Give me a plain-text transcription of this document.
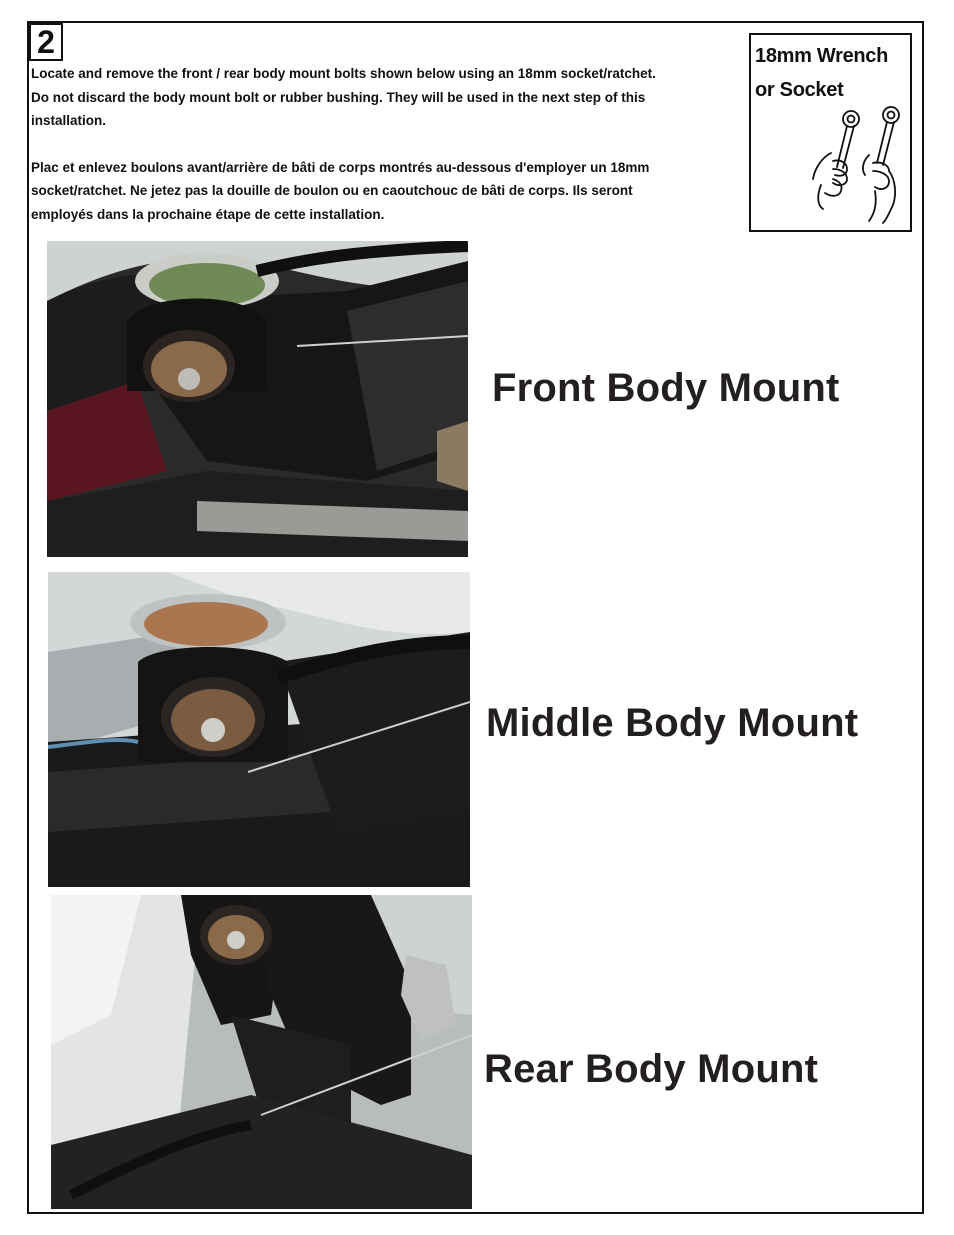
2

Locate and remove the front / rear body mount bolts shown below using an 18mm socket/ratchet.
Do not discard the body mount bolt or rubber bushing. They will be used in the next step of this
installation.

Plac et enlevez boulons avant/arrière de bâti de corps montrés au-dessous d'employer un 18mm
socket/ratchet. Ne jetez pas la douille de boulon ou en caoutchouc de bâti de corps. Ils seront
employés dans la prochaine étape de cette installation.

18mm Wrench
or Socket
Front Body Mount
Middle Body Mount
Rear Body Mount
